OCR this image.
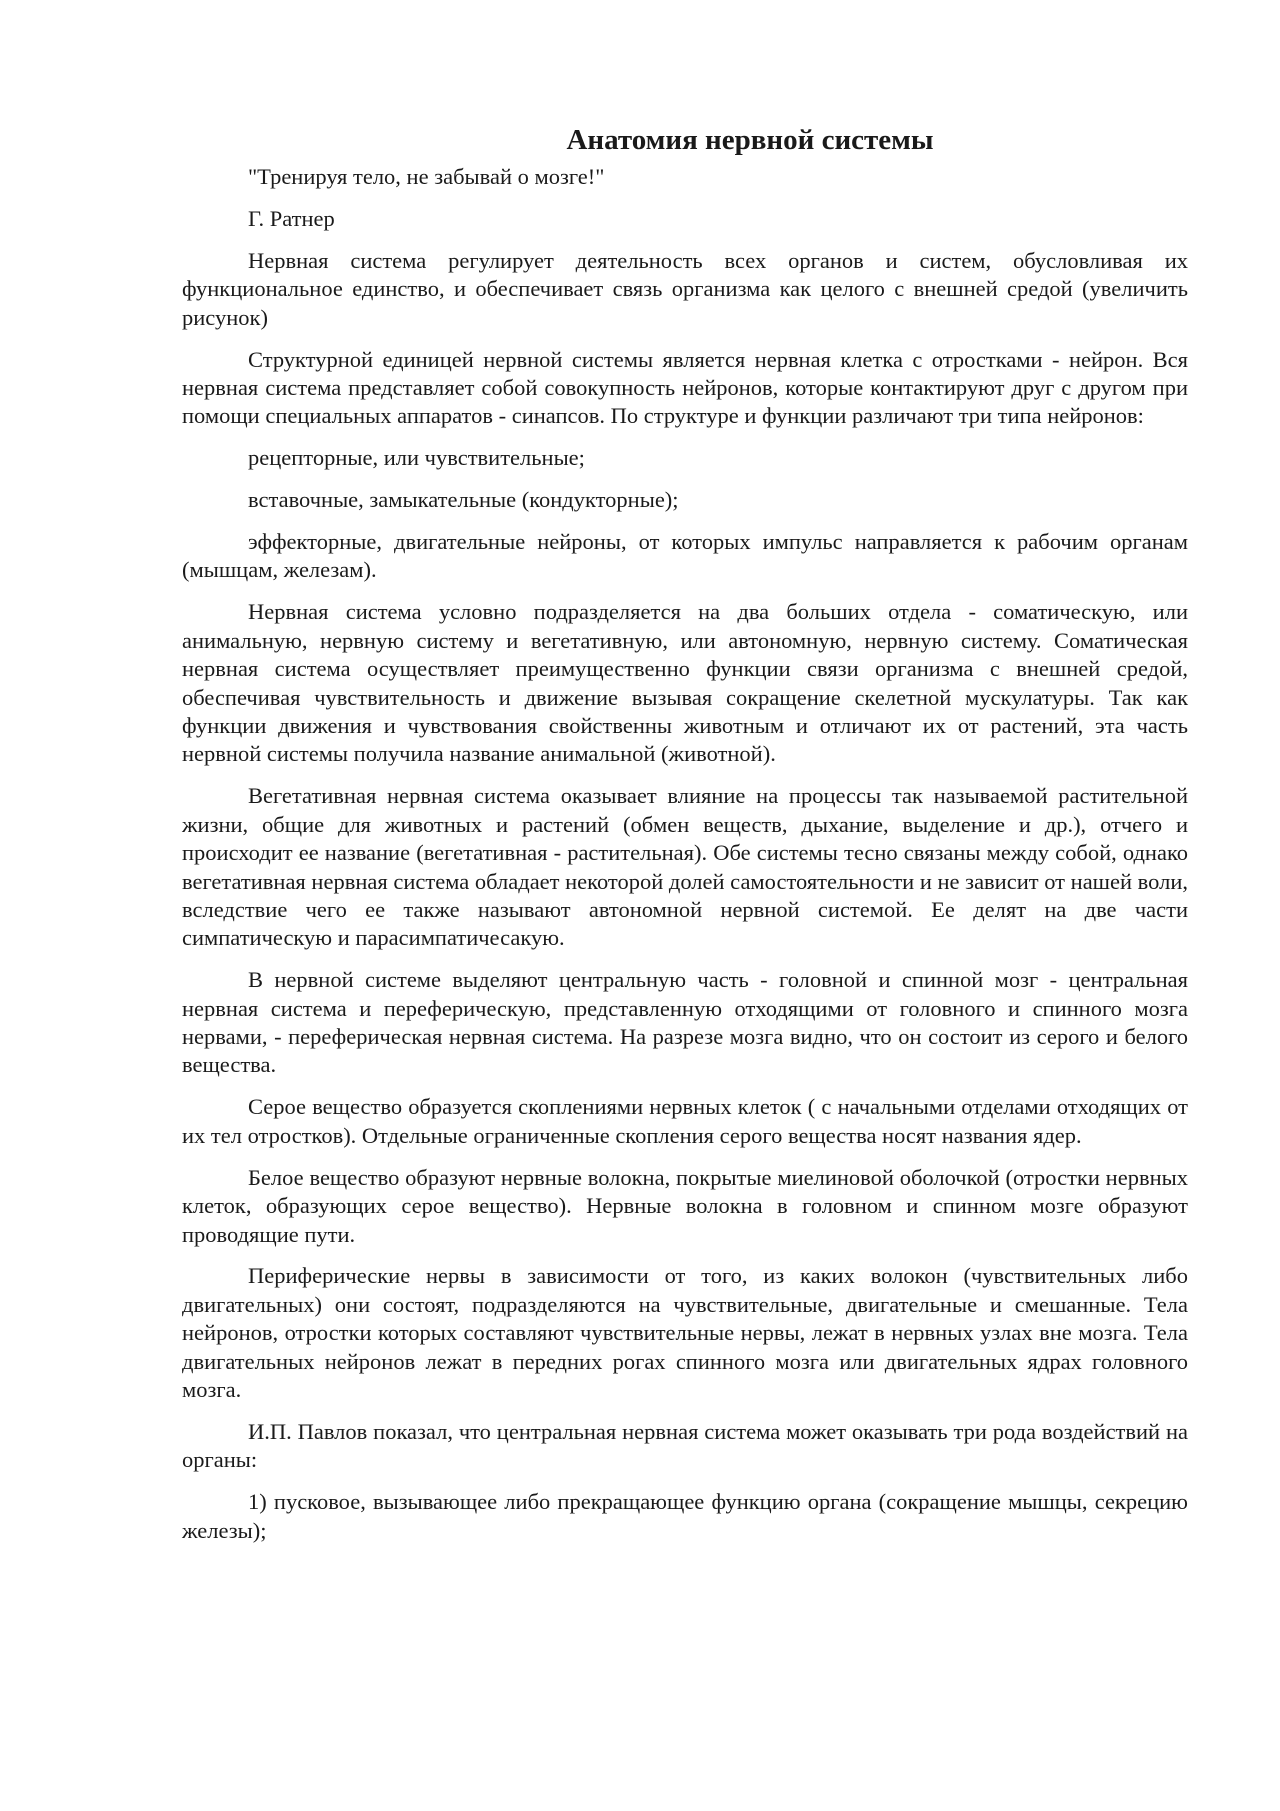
Анатомия нервной системы

"Тренируя тело, не забывай о мозге!"

Г. Ратнер

Нервная система регулирует деятельность всех органов и систем, обусловливая их функциональное единство, и обеспечивает связь организма как целого с внешней средой (увеличить рисунок)

Структурной единицей нервной системы является нервная клетка с отростками - нейрон. Вся нервная система представляет собой совокупность нейронов, которые контактируют друг с другом при помощи специальных аппаратов - синапсов. По структуре и функции различают три типа нейронов:

рецепторные, или чувствительные;

вставочные, замыкательные (кондукторные);

эффекторные, двигательные нейроны, от которых импульс направляется к рабочим органам (мышцам, железам).

Нервная система условно подразделяется на два больших отдела - соматическую, или анимальную, нервную систему и вегетативную, или автономную, нервную систему. Соматическая нервная система осуществляет преимущественно функции связи организма с внешней средой, обеспечивая чувствительность и движение вызывая сокращение скелетной мускулатуры. Так как функции движения и чувствования свойственны животным и отличают их от растений, эта часть нервной системы получила название анимальной (животной).

Вегетативная нервная система оказывает влияние на процессы так называемой растительной жизни, общие для животных и растений (обмен веществ, дыхание, выделение и др.), отчего и происходит ее название (вегетативная - растительная). Обе системы тесно связаны между собой, однако вегетативная нервная система обладает некоторой долей самостоятельности и не зависит от нашей воли, вследствие чего ее также называют автономной нервной системой. Ее делят на две части симпатическую и парасимпатичесакую.

В нервной системе выделяют центральную часть - головной и спинной мозг - центральная нервная система и переферическую, представленную отходящими от головного и спинного мозга нервами, - переферическая нервная система. На разрезе мозга видно, что он состоит из серого и белого вещества.

Серое вещество образуется скоплениями нервных клеток ( с начальными отделами отходящих от их тел отростков). Отдельные ограниченные скопления серого вещества носят названия ядер.

Белое вещество образуют нервные волокна, покрытые миелиновой оболочкой (отростки нервных клеток, образующих серое вещество). Нервные волокна в головном и спинном мозге образуют проводящие пути.

Периферические нервы в зависимости от того, из каких волокон (чувствительных либо двигательных) они состоят, подразделяются на чувствительные, двигательные и смешанные. Тела нейронов, отростки которых составляют чувствительные нервы, лежат в нервных узлах вне мозга. Тела двигательных нейронов лежат в передних рогах спинного мозга или двигательных ядрах головного мозга.

И.П. Павлов показал, что центральная нервная система может оказывать три рода воздействий на органы:

1) пусковое, вызывающее либо прекращающее функцию органа (сокращение мышцы, секрецию железы);
